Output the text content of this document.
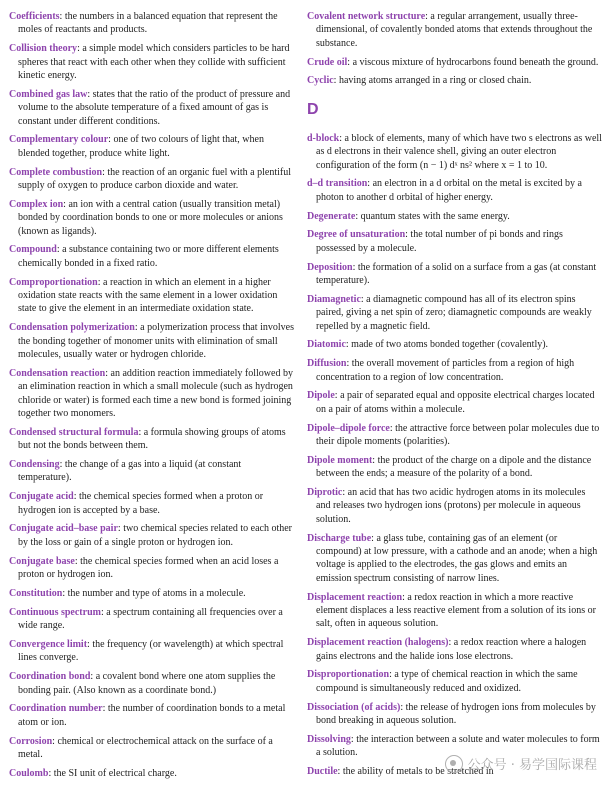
Coefficients: the numbers in a balanced equation that represent the moles of reactants and products.

Collision theory: a simple model which considers particles to be hard spheres that react with each other when they collide with sufficient kinetic energy.

Combined gas law: states that the ratio of the product of pressure and volume to the absolute temperature of a fixed amount of gas is constant under different conditions.

Complementary colour: one of two colours of light that, when blended together, produce white light.

Complete combustion: the reaction of an organic fuel with a plentiful supply of oxygen to produce carbon dioxide and water.

Complex ion: an ion with a central cation (usually transition metal) bonded by coordination bonds to one or more molecules or anions (known as ligands).

Compound: a substance containing two or more different elements chemically bonded in a fixed ratio.

Comproportionation: a reaction in which an element in a higher oxidation state reacts with the same element in a lower oxidation state to give the element in an intermediate oxidation state.

Condensation polymerization: a polymerization process that involves the bonding together of monomer units with elimination of small molecules, usually water or hydrogen chloride.

Condensation reaction: an addition reaction immediately followed by an elimination reaction in which a small molecule (such as hydrogen chloride or water) is formed each time a new bond is formed joining together two monomers.

Condensed structural formula: a formula showing groups of atoms but not the bonds between them.

Condensing: the change of a gas into a liquid (at constant temperature).

Conjugate acid: the chemical species formed when a proton or hydrogen ion is accepted by a base.

Conjugate acid–base pair: two chemical species related to each other by the loss or gain of a single proton or hydrogen ion.

Conjugate base: the chemical species formed when an acid loses a proton or hydrogen ion.

Constitution: the number and type of atoms in a molecule.

Continuous spectrum: a spectrum containing all frequencies over a wide range.

Convergence limit: the frequency (or wavelength) at which spectral lines converge.

Coordination bond: a covalent bond where one atom supplies the bonding pair. (Also known as a coordinate bond.)

Coordination number: the number of coordination bonds to a metal atom or ion.

Corrosion: chemical or electrochemical attack on the surface of a metal.

Coulomb: the SI unit of electrical charge.

Covalent network structure: a regular arrangement, usually three-dimensional, of covalently bonded atoms that extends throughout the substance.

Crude oil: a viscous mixture of hydrocarbons found beneath the ground.

Cyclic: having atoms arranged in a ring or closed chain.

D

d-block: a block of elements, many of which have two s electrons as well as d electrons in their valence shell, giving an outer electron configuration of the form (n − 1) dˣ ns² where x = 1 to 10.

d–d transition: an electron in a d orbital on the metal is excited by a photon to another d orbital of higher energy.

Degenerate: quantum states with the same energy.

Degree of unsaturation: the total number of pi bonds and rings possessed by a molecule.

Deposition: the formation of a solid on a surface from a gas (at constant temperature).

Diamagnetic: a diamagnetic compound has all of its electron spins paired, giving a net spin of zero; diamagnetic compounds are weakly repelled by a magnetic field.

Diatomic: made of two atoms bonded together (covalently).

Diffusion: the overall movement of particles from a region of high concentration to a region of low concentration.

Dipole: a pair of separated equal and opposite electrical charges located on a pair of atoms within a molecule.

Dipole–dipole force: the attractive force between polar molecules due to their dipole moments (polarities).

Dipole moment: the product of the charge on a dipole and the distance between the ends; a measure of the polarity of a bond.

Diprotic: an acid that has two acidic hydrogen atoms in its molecules and releases two hydrogen ions (protons) per molecule in aqueous solution.

Discharge tube: a glass tube, containing gas of an element (or compound) at low pressure, with a cathode and an anode; when a high voltage is applied to the electrodes, the gas glows and emits an emission spectrum consisting of narrow lines.

Displacement reaction: a redox reaction in which a more reactive element displaces a less reactive element from a solution of its ions or salt, often in aqueous solution.

Displacement reaction (halogens): a redox reaction where a halogen gains electrons and the halide ions lose electrons.

Disproportionation: a type of chemical reaction in which the same compound is simultaneously reduced and oxidized.

Dissociation (of acids): the release of hydrogen ions from molecules by bond breaking in aqueous solution.

Dissolving: the interaction between a solute and water molecules to form a solution.

Ductile: the ability of metals to be stretched in

公众号 · 易学国际课程
